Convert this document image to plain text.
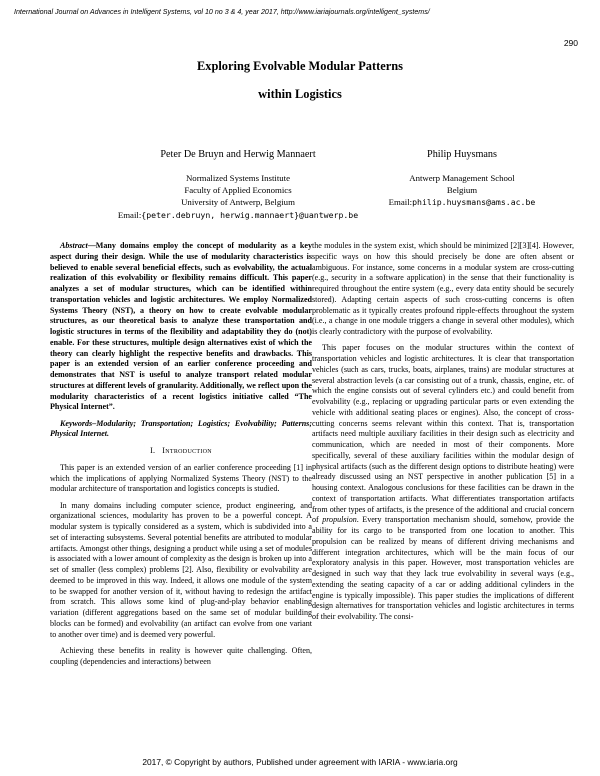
International Journal on Advances in Intelligent Systems, vol 10 no 3 & 4, year 2017, http://www.iariajournals.org/intelligent_systems/
290
Exploring Evolvable Modular Patterns
within Logistics
Peter De Bruyn and Herwig Mannaert
Normalized Systems Institute
Faculty of Applied Economics
University of Antwerp, Belgium
Email:{peter.debruyn, herwig.mannaert}@uantwerp.be
Philip Huysmans
Antwerp Management School
Belgium
Email:philip.huysmans@ams.ac.be

Abstract—Many domains employ the concept of modularity as a key aspect during their design. While the use of modularity characteristics is believed to enable several beneficial effects, such as evolvability, the actual realization of this evolvability or flexibility remains difficult. This paper analyzes a set of modular structures, which can be identified within transportation vehicles and logistic architectures. We employ Normalized Systems Theory (NST), a theory on how to create evolvable modular structures, as our theoretical basis to analyze these transportation and logistic structures in terms of the flexibility and adaptability they do (not) enable. For these structures, multiple design alternatives exist of which the theory can clearly highlight the respective benefits and drawbacks. This paper is an extended version of an earlier conference proceeding and demonstrates that NST is useful to analyze transport related modular structures at different levels of granularity. Additionally, we reflect upon the modularity characteristics of a recent logistics initiative called “The Physical Internet”.

Keywords–Modularity; Transportation; Logistics; Evolvability; Patterns; Physical Internet.

I. Introduction

This paper is an extended version of an earlier conference proceeding [1] in which the implications of applying Normalized Systems Theory (NST) to the modular architecture of transportation and logistics concepts is studied.

In many domains including computer science, product engineering, and organizational sciences, modularity has proven to be a powerful concept. A modular system is typically considered as a system, which is subdivided into a set of interacting subsystems. Several potential benefits are attributed to modular artifacts. Amongst other things, designing a product while using a set of modules is associated with a lower amount of complexity as the design is broken up into a set of smaller (less complex) problems [2]. Also, flexibility or evolvability are deemed to be improved in this way. Indeed, it allows one module of the system to be swapped for another version of it, without having to redesign the artifact from scratch. This allows some kind of plug-and-play behavior enabling variation (different aggregations based on the same set of modular building blocks can be formed) and evolvability (an artifact can evolve from one variant to another over time) and is deemed very powerful.

Achieving these benefits in reality is however quite challenging. Often, coupling (dependencies and interactions) between

the modules in the system exist, which should be minimized [2][3][4]. However, specific ways on how this should precisely be done are often absent or ambiguous. For instance, some concerns in a modular system are cross-cutting (e.g., security in a software application) in the sense that their functionality is required throughout the entire system (e.g., every data entity should be securely stored). Adapting certain aspects of such cross-cutting concerns is often problematic as it typically creates profound ripple-effects throughout the system (i.e., a change in one module triggers a change in several other modules), which is clearly contradictory with the purpose of evolvability.

This paper focuses on the modular structures within the context of transportation vehicles and logistic architectures. It is clear that transportation vehicles (such as cars, trucks, boats, airplanes, trains) are modular structures at several abstraction levels (a car consisting out of a trunk, chassis, engine, etc. of which the engine consists out of several cylinders etc.) and could benefit from evolvability (e.g., replacing or upgrading particular parts or even extending the vehicle with additional seating places or engines). Also, the concept of cross-cutting concerns seems relevant within this context. That is, transportation artifacts need multiple auxiliary facilities in their design such as electricity and communication, which are needed in most of their components. More specifically, several of these auxiliary facilities within the modular design of physical artifacts (such as the different design options to distribute heating) were already discussed using an NST perspective in another publication [5] in a housing context. Analogous conclusions for these facilities can be drawn in the context of transportation artifacts. What differentiates transportation artifacts from other types of artifacts, is the presence of the additional and crucial concern of propulsion. Every transportation mechanism should, somehow, provide the ability for its cargo to be transported from one location to another. This propulsion can be realized by means of different driving mechanisms and different integration architectures, which will be the main focus of our exploratory analysis in this paper. However, most transportation vehicles are designed in such way that they lack true evolvability in several ways (e.g., extending the seating capacity of a car or adding additional cylinders in the engine is typically impossible). This paper studies the implications of different design alternatives for transportation vehicles and logistic architectures in terms of their evolvability. The consi-

2017, © Copyright by authors, Published under agreement with IARIA - www.iaria.org
